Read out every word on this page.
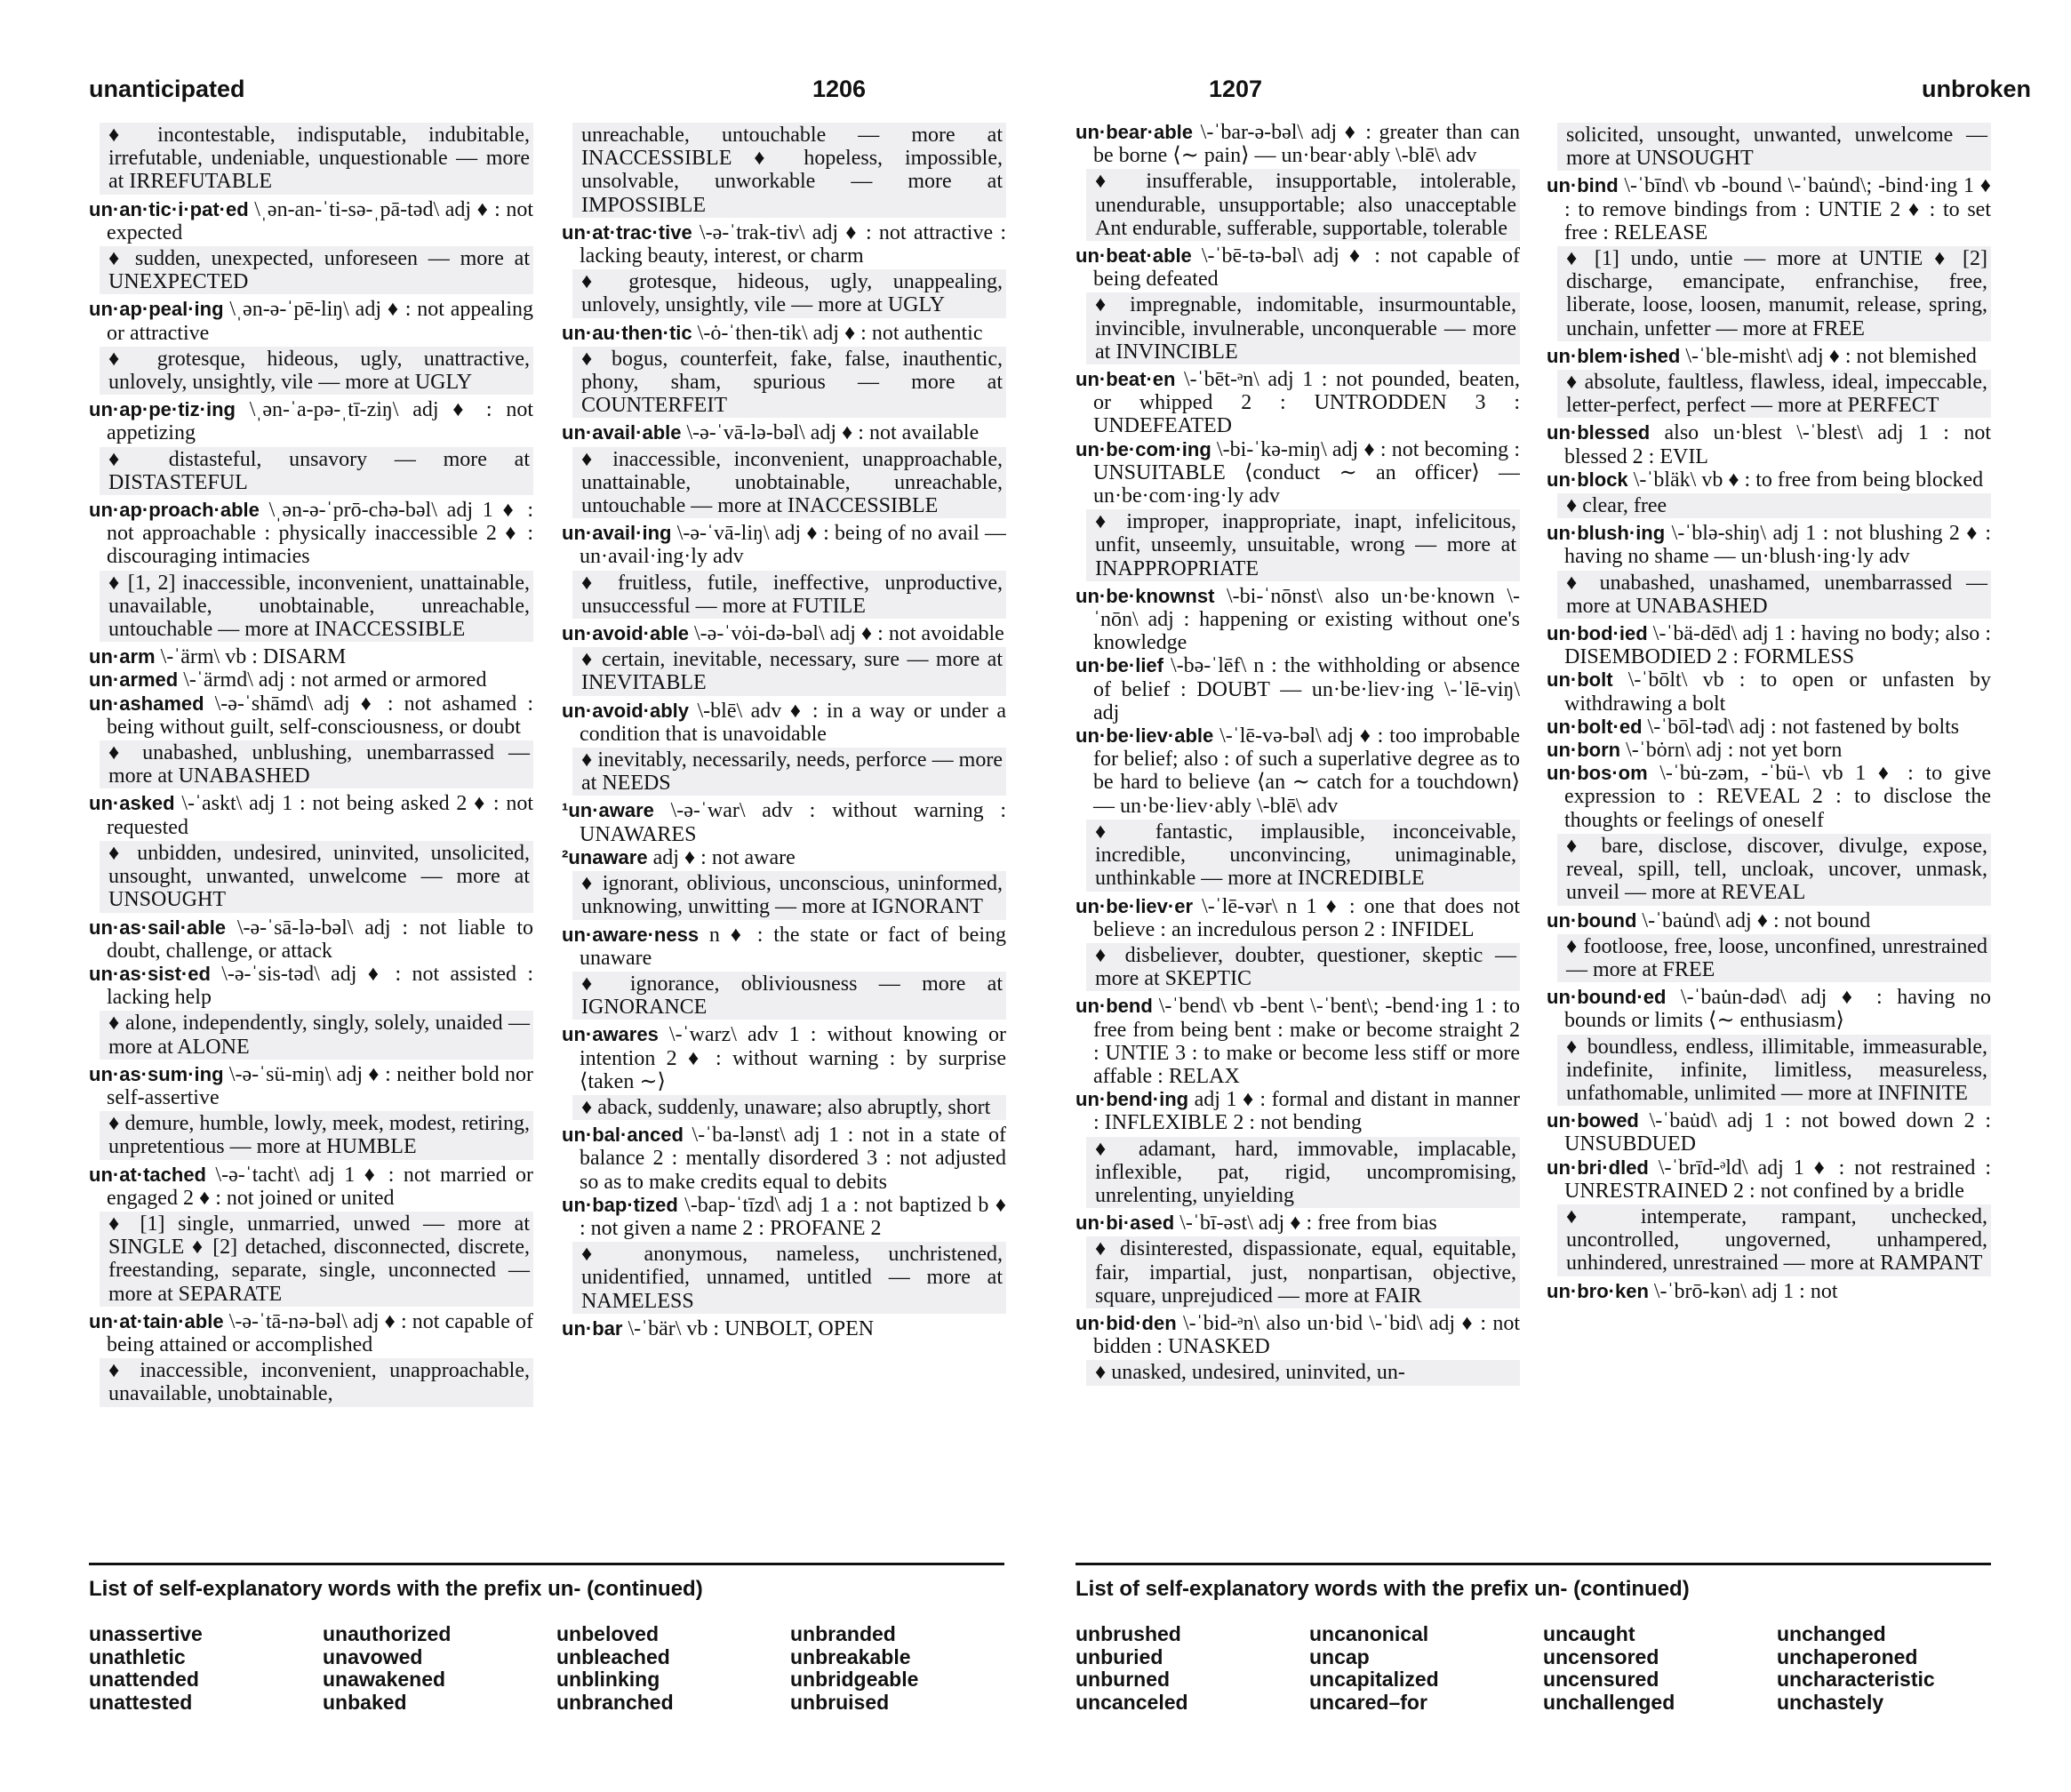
unanticipated	1206

♦ incontestable, indisputable, indubitable, irrefutable, undeniable, unquestionable — more at IRREFUTABLE

un·an·tic·i·pat·ed \ˌən-an-ˈti-sə-ˌpā-təd\ adj ♦ : not expected

♦ sudden, unexpected, unforeseen — more at UNEXPECTED

un·ap·peal·ing \ˌən-ə-ˈpē-liŋ\ adj ♦ : not appealing or attractive

♦ grotesque, hideous, ugly, unattractive, unlovely, unsightly, vile — more at UGLY

un·ap·pe·tiz·ing \ˌən-ˈa-pə-ˌtī-ziŋ\ adj ♦ : not appetizing

♦ distasteful, unsavory — more at DISTASTEFUL

un·ap·proach·able \ˌən-ə-ˈprō-chə-bəl\ adj 1 ♦ : not approachable : physically inaccessible 2 ♦ : discouraging intimacies

♦ [1, 2] inaccessible, inconvenient, unattainable, unavailable, unobtainable, unreachable, untouchable — more at INACCESSIBLE

un·arm \-ˈärm\ vb : DISARM

un·armed \-ˈärmd\ adj : not armed or armored

un·ashamed \-ə-ˈshāmd\ adj ♦ : not ashamed : being without guilt, self-consciousness, or doubt

♦ unabashed, unblushing, unembarrassed — more at UNABASHED

un·asked \-ˈaskt\ adj 1 : not being asked 2 ♦ : not requested

♦ unbidden, undesired, uninvited, unsolicited, unsought, unwanted, unwelcome — more at UNSOUGHT

un·as·sail·able \-ə-ˈsā-lə-bəl\ adj : not liable to doubt, challenge, or attack

un·as·sist·ed \-ə-ˈsis-təd\ adj ♦ : not assisted : lacking help

♦ alone, independently, singly, solely, unaided — more at ALONE

un·as·sum·ing \-ə-ˈsü-miŋ\ adj ♦ : neither bold nor self-assertive

♦ demure, humble, lowly, meek, modest, retiring, unpretentious — more at HUMBLE

un·at·tached \-ə-ˈtacht\ adj 1 ♦ : not married or engaged 2 ♦ : not joined or united

♦ [1] single, unmarried, unwed — more at SINGLE ♦ [2] detached, disconnected, discrete, freestanding, separate, single, unconnected — more at SEPARATE

un·at·tain·able \-ə-ˈtā-nə-bəl\ adj ♦ : not capable of being attained or accomplished

♦ inaccessible, inconvenient, unapproachable, unavailable, unobtainable,

unreachable, untouchable — more at INACCESSIBLE ♦ hopeless, impossible, unsolvable, unworkable — more at IMPOSSIBLE

un·at·trac·tive \-ə-ˈtrak-tiv\ adj ♦ : not attractive : lacking beauty, interest, or charm

♦ grotesque, hideous, ugly, unappealing, unlovely, unsightly, vile — more at UGLY

un·au·then·tic \-ȯ-ˈthen-tik\ adj ♦ : not authentic

♦ bogus, counterfeit, fake, false, inauthentic, phony, sham, spurious — more at COUNTERFEIT

un·avail·able \-ə-ˈvā-lə-bəl\ adj ♦ : not available

♦ inaccessible, inconvenient, unapproachable, unattainable, unobtainable, unreachable, untouchable — more at INACCESSIBLE

un·avail·ing \-ə-ˈvā-liŋ\ adj ♦ : being of no avail — un·avail·ing·ly adv

♦ fruitless, futile, ineffective, unproductive, unsuccessful — more at FUTILE

un·avoid·able \-ə-ˈvȯi-də-bəl\ adj ♦ : not avoidable

♦ certain, inevitable, necessary, sure — more at INEVITABLE

un·avoid·ably \-blē\ adv ♦ : in a way or under a condition that is unavoidable

♦ inevitably, necessarily, needs, perforce — more at NEEDS

¹un·aware \-ə-ˈwar\ adv : without warning : UNAWARES

²unaware adj ♦ : not aware

♦ ignorant, oblivious, unconscious, uninformed, unknowing, unwitting — more at IGNORANT

un·aware·ness n ♦ : the state or fact of being unaware

♦ ignorance, obliviousness — more at IGNORANCE

un·awares \-ˈwarz\ adv 1 : without knowing or intention 2 ♦ : without warning : by surprise ⟨taken ∼⟩

♦ aback, suddenly, unaware; also abruptly, short

un·bal·anced \-ˈba-lənst\ adj 1 : not in a state of balance 2 : mentally disordered 3 : not adjusted so as to make credits equal to debits

un·bap·tized \-bap-ˈtīzd\ adj 1 a : not baptized b ♦ : not given a name 2 : PROFANE 2

♦ anonymous, nameless, unchristened, unidentified, unnamed, untitled — more at NAMELESS

un·bar \-ˈbär\ vb : UNBOLT, OPEN

List of self-explanatory words with the prefix un- (continued)
unassertive
unathletic
unattended
unattested
unauthorized
unavowed
unawakened
unbaked
unbeloved
unbleached
unblinking
unbranched
unbranded
unbreakable
unbridgeable
unbruised
1207	unbroken

un·bear·able \-ˈbar-ə-bəl\ adj ♦ : greater than can be borne ⟨∼ pain⟩ — un·bear·ably \-blē\ adv

♦ insufferable, insupportable, intolerable, unendurable, unsupportable; also unacceptable Ant endurable, sufferable, supportable, tolerable

un·beat·able \-ˈbē-tə-bəl\ adj ♦ : not capable of being defeated

♦ impregnable, indomitable, insurmountable, invincible, invulnerable, unconquerable — more at INVINCIBLE

un·beat·en \-ˈbēt-ᵊn\ adj 1 : not pounded, beaten, or whipped 2 : UNTRODDEN 3 : UNDEFEATED

un·be·com·ing \-bi-ˈkə-miŋ\ adj ♦ : not becoming : UNSUITABLE ⟨conduct ∼ an officer⟩ — un·be·com·ing·ly adv

♦ improper, inappropriate, inapt, infelicitous, unfit, unseemly, unsuitable, wrong — more at INAPPROPRIATE

un·be·knownst \-bi-ˈnōnst\ also un·be·known \-ˈnōn\ adj : happening or existing without one's knowledge

un·be·lief \-bə-ˈlēf\ n : the withholding or absence of belief : DOUBT — un·be·liev·ing \-ˈlē-viŋ\ adj

un·be·liev·able \-ˈlē-və-bəl\ adj ♦ : too improbable for belief; also : of such a superlative degree as to be hard to believe ⟨an ∼ catch for a touchdown⟩ — un·be·liev·ably \-blē\ adv

♦ fantastic, implausible, inconceivable, incredible, unconvincing, unimaginable, unthinkable — more at INCREDIBLE

un·be·liev·er \-ˈlē-vər\ n 1 ♦ : one that does not believe : an incredulous person 2 : INFIDEL

♦ disbeliever, doubter, questioner, skeptic — more at SKEPTIC

un·bend \-ˈbend\ vb -bent \-ˈbent\; -bend·ing 1 : to free from being bent : make or become straight 2 : UNTIE 3 : to make or become less stiff or more affable : RELAX

un·bend·ing adj 1 ♦ : formal and distant in manner : INFLEXIBLE 2 : not bending

♦ adamant, hard, immovable, implacable, inflexible, pat, rigid, uncompromising, unrelenting, unyielding

un·bi·ased \-ˈbī-əst\ adj ♦ : free from bias

♦ disinterested, dispassionate, equal, equitable, fair, impartial, just, nonpartisan, objective, square, unprejudiced — more at FAIR

un·bid·den \-ˈbid-ᵊn\ also un·bid \-ˈbid\ adj ♦ : not bidden : UNASKED

♦ unasked, undesired, uninvited, un-

solicited, unsought, unwanted, unwelcome — more at UNSOUGHT

un·bind \-ˈbīnd\ vb -bound \-ˈbau̇nd\; -bind·ing 1 ♦ : to remove bindings from : UNTIE 2 ♦ : to set free : RELEASE

♦ [1] undo, untie — more at UNTIE ♦ [2] discharge, emancipate, enfranchise, free, liberate, loose, loosen, manumit, release, spring, unchain, unfetter — more at FREE

un·blem·ished \-ˈble-misht\ adj ♦ : not blemished

♦ absolute, faultless, flawless, ideal, impeccable, letter-perfect, perfect — more at PERFECT

un·blessed also un·blest \-ˈblest\ adj 1 : not blessed 2 : EVIL

un·block \-ˈbläk\ vb ♦ : to free from being blocked

♦ clear, free

un·blush·ing \-ˈblə-shiŋ\ adj 1 : not blushing 2 ♦ : having no shame — un·blush·ing·ly adv

♦ unabashed, unashamed, unembarrassed — more at UNABASHED

un·bod·ied \-ˈbä-dēd\ adj 1 : having no body; also : DISEMBODIED 2 : FORMLESS

un·bolt \-ˈbōlt\ vb : to open or unfasten by withdrawing a bolt

un·bolt·ed \-ˈbōl-təd\ adj : not fastened by bolts

un·born \-ˈbȯrn\ adj : not yet born

un·bos·om \-ˈbu̇-zəm, -ˈbü-\ vb 1 ♦ : to give expression to : REVEAL 2 : to disclose the thoughts or feelings of oneself

♦ bare, disclose, discover, divulge, expose, reveal, spill, tell, uncloak, uncover, unmask, unveil — more at REVEAL

un·bound \-ˈbau̇nd\ adj ♦ : not bound

♦ footloose, free, loose, unconfined, unrestrained — more at FREE

un·bound·ed \-ˈbau̇n-dəd\ adj ♦ : having no bounds or limits ⟨∼ enthusiasm⟩

♦ boundless, endless, illimitable, immeasurable, indefinite, infinite, limitless, measureless, unfathomable, unlimited — more at INFINITE

un·bowed \-ˈbau̇d\ adj 1 : not bowed down 2 : UNSUBDUED

un·bri·dled \-ˈbrīd-ᵊld\ adj 1 ♦ : not restrained : UNRESTRAINED 2 : not confined by a bridle

♦ intemperate, rampant, unchecked, uncontrolled, ungoverned, unhampered, unhindered, unrestrained — more at RAMPANT

un·bro·ken \-ˈbrō-kən\ adj 1 : not

List of self-explanatory words with the prefix un- (continued)
unbrushed
unburied
unburned
uncanceled
uncanonical
uncap
uncapitalized
uncared–for
uncaught
uncensored
uncensured
unchallenged
unchanged
unchaperoned
uncharacteristic
unchastely
